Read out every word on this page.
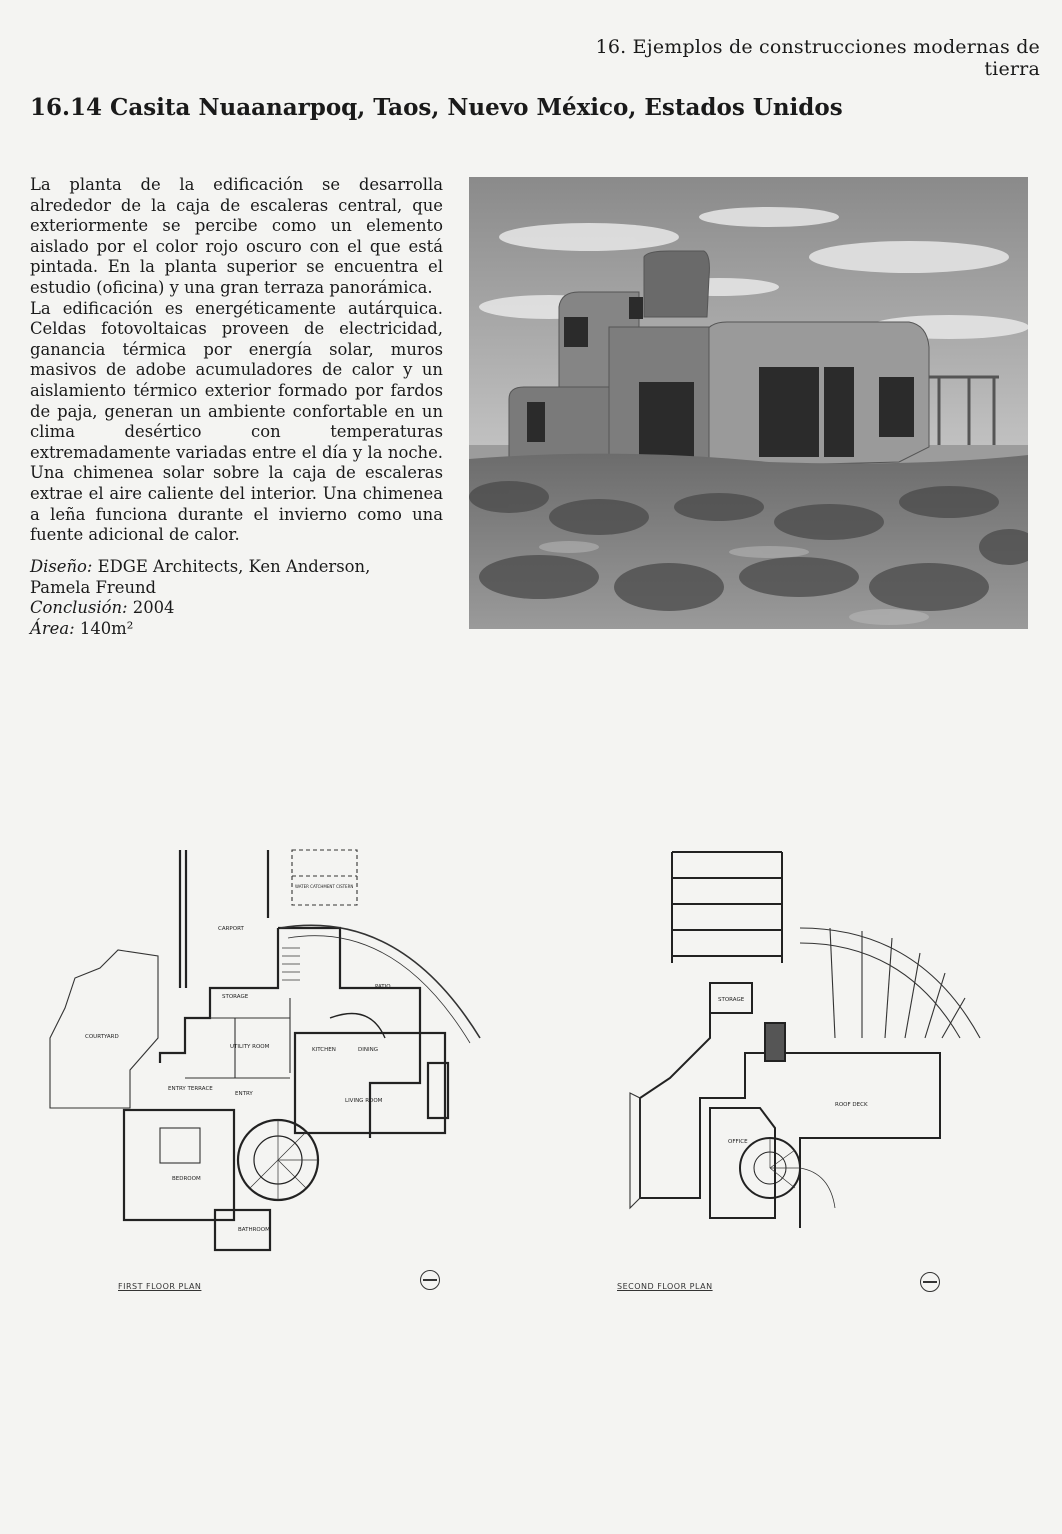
16. Ejemplos de construcciones modernas de tierra
16.14 Casita Nuaanarpoq, Taos, Nuevo México, Estados Unidos

La planta de la edificación se desarrolla alrededor de la caja de escaleras central, que exteriormente se percibe como un elemento aislado por el color rojo oscuro con el que está pintada. En la planta superior se encuentra el estudio (oficina) y una gran terraza panorámica.

La edificación es energéticamente autárquica. Celdas fotovoltaicas proveen de electricidad, ganancia térmica por energía solar, muros masivos de adobe acumuladores de calor y un aislamiento térmico exterior formado por fardos de paja, generan un ambiente confortable en un clima desértico con temperaturas extremadamente variadas entre el día y la noche. Una chimenea solar sobre la caja de escaleras extrae el aire caliente del interior. Una chimenea a leña funciona durante el invierno como una fuente adicional de calor.

Diseño: EDGE Architects, Ken Anderson,
Pamela Freund
Conclusión: 2004
Área: 140m²
CARPORT
PATIO
STORAGE
COURTYARD
UTILITY ROOM	KITCHEN	DINING
ENTRY
ENTRY TERRACE
LIVING ROOM
BEDROOM
BATHROOM
WATER CATCHMENT CISTERN
STORAGE
OFFICE
ROOF DECK
FIRST FLOOR PLAN	SECOND FLOOR PLAN
